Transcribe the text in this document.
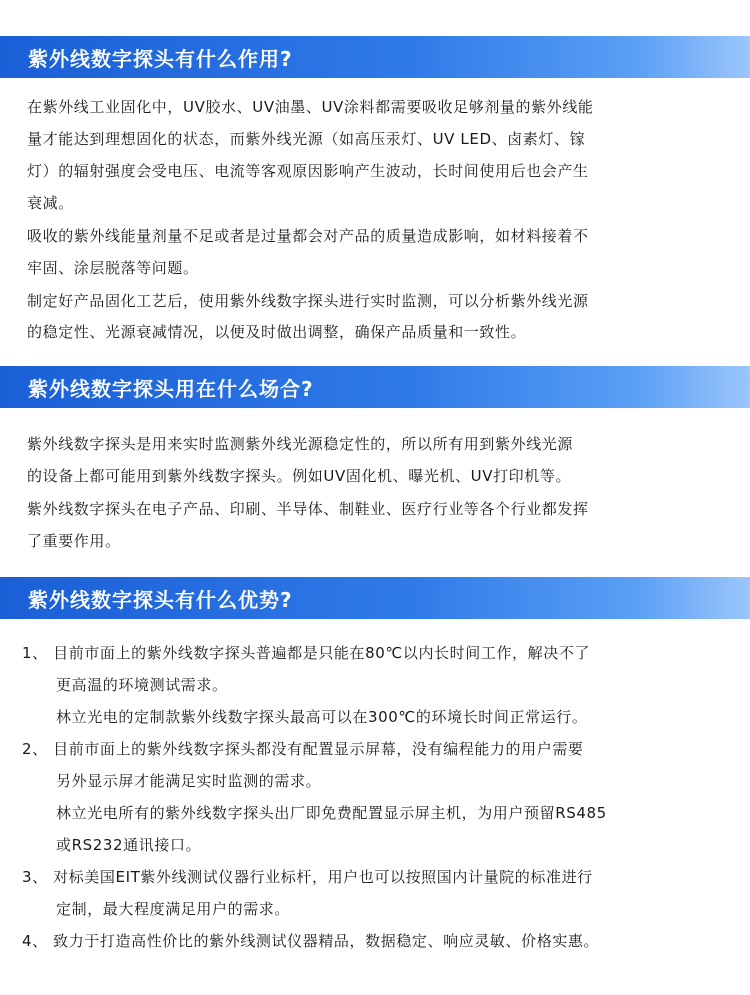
紫外线数字探头有什么作用?
在紫外线工业固化中，UV胶水、UV油墨、UV涂料都需要吸收足够剂量的紫外线能
量才能达到理想固化的状态，而紫外线光源（如高压汞灯、UV LED、卤素灯、镓
灯）的辐射强度会受电压、电流等客观原因影响产生波动，长时间使用后也会产生
衰减。
吸收的紫外线能量剂量不足或者是过量都会对产品的质量造成影响，如材料接着不
牢固、涂层脱落等问题。
制定好产品固化工艺后，使用紫外线数字探头进行实时监测，可以分析紫外线光源
的稳定性、光源衰减情况，以便及时做出调整，确保产品质量和一致性。
紫外线数字探头用在什么场合?
紫外线数字探头是用来实时监测紫外线光源稳定性的，所以所有用到紫外线光源
的设备上都可能用到紫外线数字探头。例如UV固化机、曝光机、UV打印机等。
紫外线数字探头在电子产品、印刷、半导体、制鞋业、医疗行业等各个行业都发挥
了重要作用。
紫外线数字探头有什么优势?
1、 目前市面上的紫外线数字探头普遍都是只能在80℃以内长时间工作，解决不了
更高温的环境测试需求。
林立光电的定制款紫外线数字探头最高可以在300℃的环境长时间正常运行。
2、 目前市面上的紫外线数字探头都没有配置显示屏幕，没有编程能力的用户需要
另外显示屏才能满足实时监测的需求。
林立光电所有的紫外线数字探头出厂即免费配置显示屏主机，为用户预留RS485
或RS232通讯接口。
3、 对标美国EIT紫外线测试仪器行业标杆，用户也可以按照国内计量院的标准进行
定制，最大程度满足用户的需求。
4、 致力于打造高性价比的紫外线测试仪器精品，数据稳定、响应灵敏、价格实惠。
